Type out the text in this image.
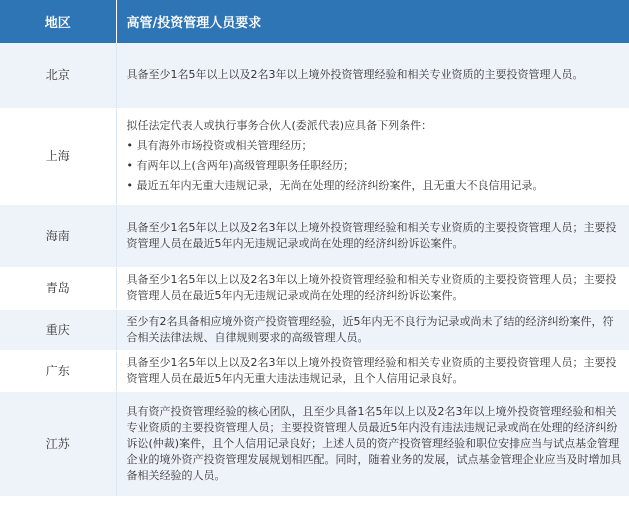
地区	高管/投资管理人员要求
北京	具备至少1名5年以上以及2名3年以上境外投资管理经验和相关专业资质的主要投资管理人员。
上海	拟任法定代表人或执行事务合伙人(委派代表)应具备下列条件：
• 具有海外市场投资或相关管理经历；
• 有两年以上(含两年)高级管理职务任职经历；
• 最近五年内无重大违规记录，无尚在处理的经济纠纷案件，且无重大不良信用记录。

海南	具备至少1名5年以上以及2名3年以上境外投资管理经验和相关专业资质的主要投资管理人员；主要投资管理人员在最近5年内无违规记录或尚在处理的经济纠纷诉讼案件。
青岛	具备至少1名5年以上以及2名3年以上境外投资管理经验和相关专业资质的主要投资管理人员；主要投资管理人员在最近5年内无违规记录或尚在处理的经济纠纷诉讼案件。
重庆	至少有2名具备相应境外资产投资管理经验，近5年内无不良行为记录或尚未了结的经济纠纷案件，符合相关法律法规、自律规则要求的高级管理人员。
广东	具备至少1名5年以上以及2名3年以上境外投资管理经验和相关专业资质的主要投资管理人员；主要投资管理人员在最近5年内无重大违法违规记录，且个人信用记录良好。
江苏	具有资产投资管理经验的核心团队，且至少具备1名5年以上以及2名3年以上境外投资管理经验和相关专业资质的主要投资管理人员；主要投资管理人员最近5年内没有违法违规记录或尚在处理的经济纠纷诉讼(仲裁)案件，且个人信用记录良好；上述人员的资产投资管理经验和职位安排应当与试点基金管理企业的境外资产投资管理发展规划相匹配。同时，随着业务的发展，试点基金管理企业应当及时增加具备相关经验的人员。
